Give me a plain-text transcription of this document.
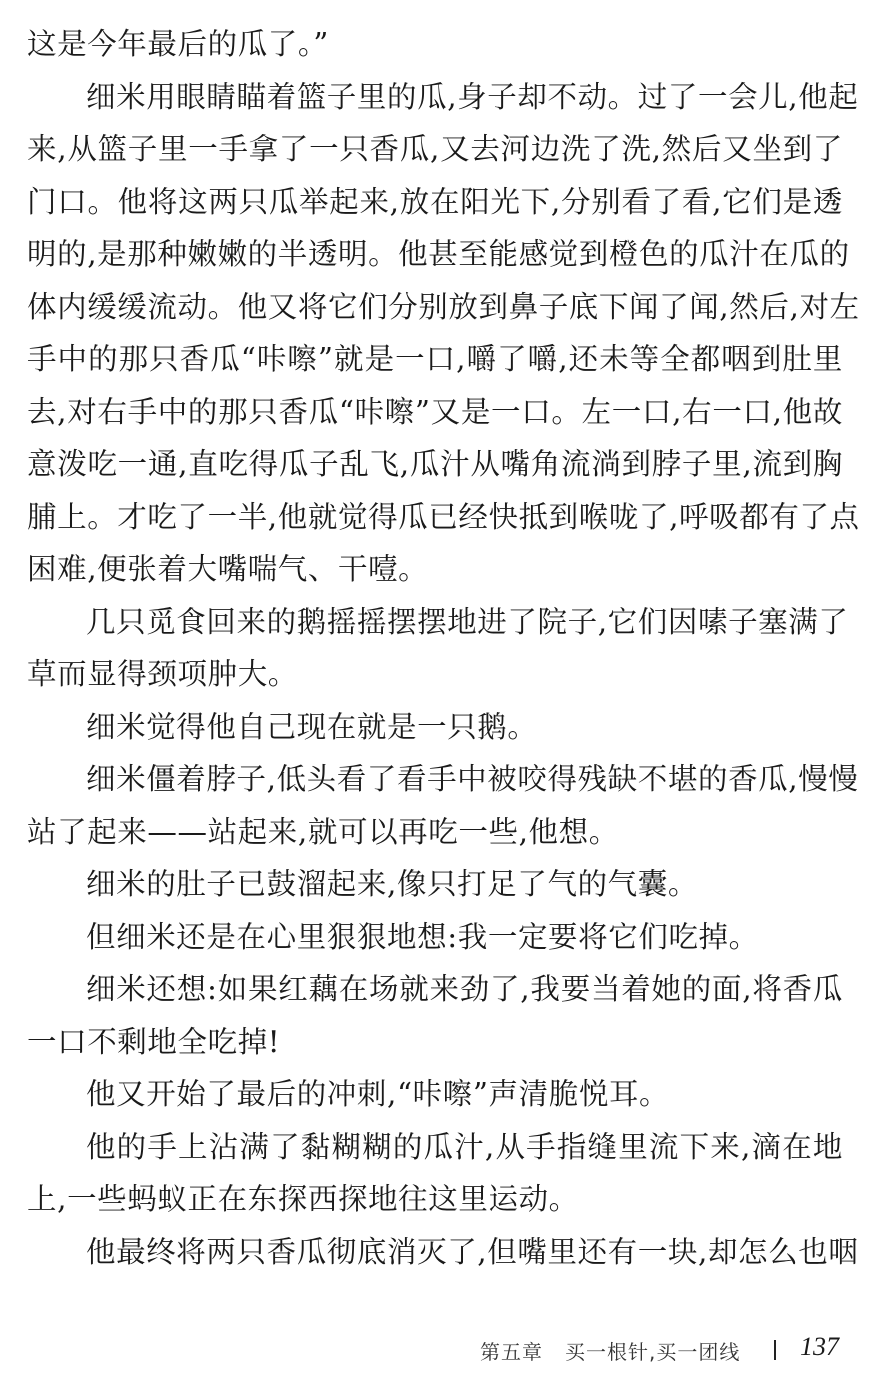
这是今年最后的瓜了。”
细米用眼睛瞄着篮子里的瓜,身子却不动。过了一会儿,他起
来,从篮子里一手拿了一只香瓜,又去河边洗了洗,然后又坐到了
门口。他将这两只瓜举起来,放在阳光下,分别看了看,它们是透
明的,是那种嫩嫩的半透明。他甚至能感觉到橙色的瓜汁在瓜的
体内缓缓流动。他又将它们分别放到鼻子底下闻了闻,然后,对左
手中的那只香瓜“咔嚓”就是一口,嚼了嚼,还未等全都咽到肚里
去,对右手中的那只香瓜“咔嚓”又是一口。左一口,右一口,他故
意泼吃一通,直吃得瓜子乱飞,瓜汁从嘴角流淌到脖子里,流到胸
脯上。才吃了一半,他就觉得瓜已经快抵到喉咙了,呼吸都有了点
困难,便张着大嘴喘气、干噎。
几只觅食回来的鹅摇摇摆摆地进了院子,它们因嗉子塞满了
草而显得颈项肿大。
细米觉得他自己现在就是一只鹅。
细米僵着脖子,低头看了看手中被咬得残缺不堪的香瓜,慢慢
站了起来——站起来,就可以再吃一些,他想。
细米的肚子已鼓溜起来,像只打足了气的气囊。
但细米还是在心里狠狠地想:我一定要将它们吃掉。
细米还想:如果红藕在场就来劲了,我要当着她的面,将香瓜
一口不剩地全吃掉!
他又开始了最后的冲刺,“咔嚓”声清脆悦耳。
他的手上沾满了黏糊糊的瓜汁,从手指缝里流下来,滴在地
上,一些蚂蚁正在东探西探地往这里运动。
他最终将两只香瓜彻底消灭了,但嘴里还有一块,却怎么也咽
第五章 买一根针,买一团线 137
